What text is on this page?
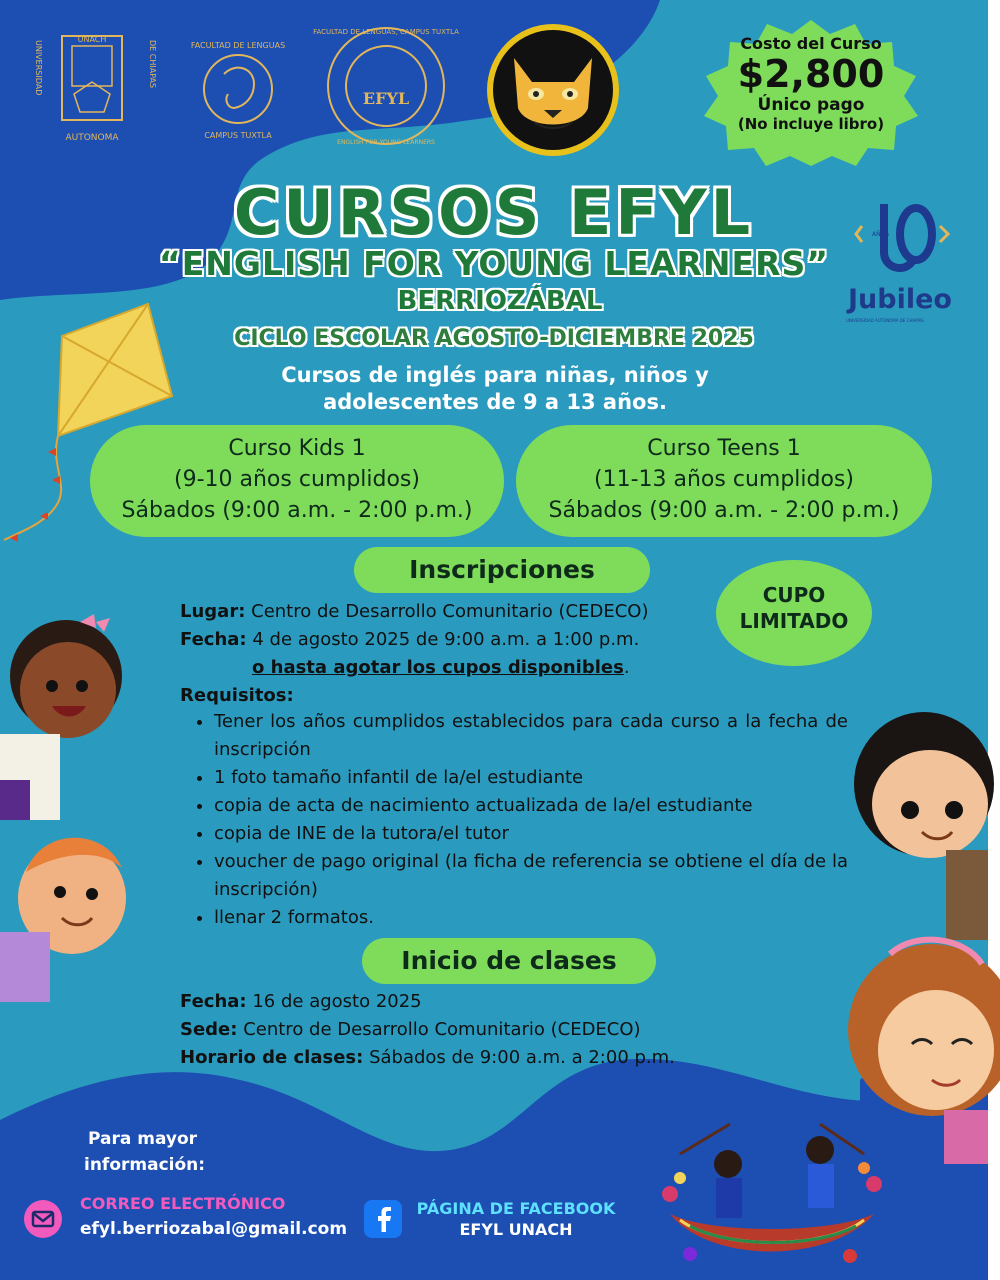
UNACH
UNIVERSIDAD	DE CHIAPAS
AUTONOMA
FACULTAD DE LENGUAS
CAMPUS TUXTLA
FACULTAD DE LENGUAS, CAMPUS TUXTLA
EFYL
ENGLISH FOR YOUNG LEARNERS
Costo del Curso
$2,800
Único pago
(No incluye libro)
AÑOS
Jubileo
UNIVERSIDAD AUTÓNOMA DE CHIAPAS
CURSOS EFYL
“ENGLISH FOR YOUNG LEARNERS”
BERRIOZÁBAL
CICLO ESCOLAR AGOSTO-DICIEMBRE 2025
Cursos de inglés para niñas, niños y
adolescentes de 9 a 13 años.
Curso Kids 1
(9-10 años cumplidos)
Sábados (9:00 a.m. - 2:00 p.m.)
Curso Teens 1
(11-13 años cumplidos)
Sábados (9:00 a.m. - 2:00 p.m.)
Inscripciones
CUPO
LIMITADO
Lugar: Centro de Desarrollo Comunitario (CEDECO)
Fecha: 4 de agosto 2025 de 9:00 a.m. a 1:00 p.m.
o hasta agotar los cupos disponibles.
Requisitos:
• Tener los años cumplidos establecidos para cada curso a la fecha de inscripción
• 1 foto tamaño infantil de la/el estudiante
• copia de acta de nacimiento actualizada de la/el estudiante
• copia de INE de la tutora/el tutor
• voucher de pago original (la ficha de referencia se obtiene el día de la inscripción)
• llenar 2 formatos.
Inicio de clases
Fecha: 16 de agosto 2025
Sede: Centro de Desarrollo Comunitario (CEDECO)
Horario de clases: Sábados de 9:00 a.m. a 2:00 p.m.
Para mayor
información:
CORREO ELECTRÓNICO
efyl.berriozabal@gmail.com
PÁGINA DE FACEBOOK
EFYL UNACH
